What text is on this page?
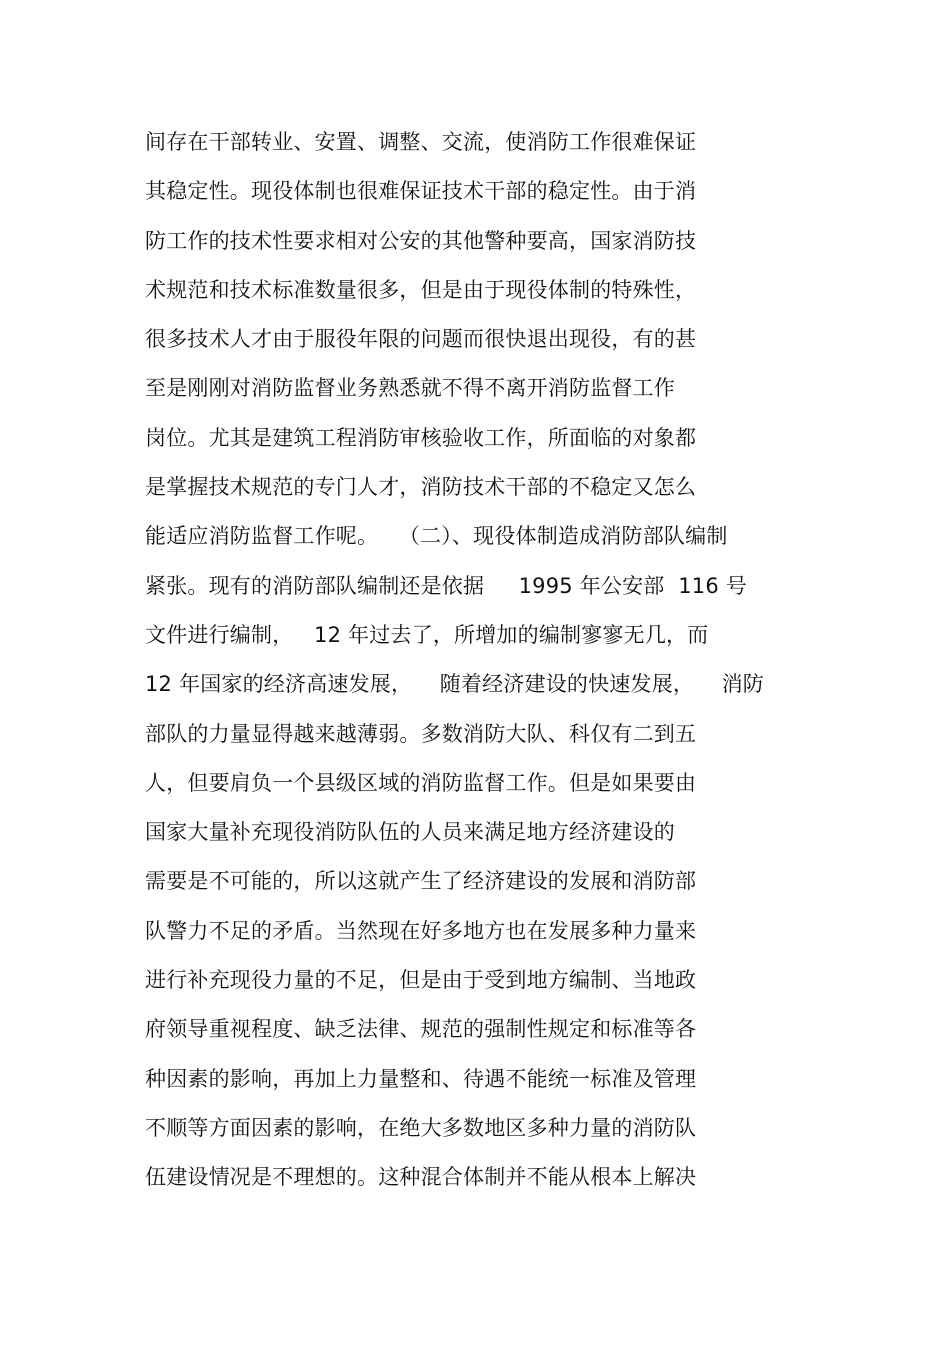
间存在干部转业、安置、调整、交流，使消防工作很难保证
其稳定性。现役体制也很难保证技术干部的稳定性。由于消
防工作的技术性要求相对公安的其他警种要高，国家消防技
术规范和技术标准数量很多，但是由于现役体制的特殊性，
很多技术人才由于服役年限的问题而很快退出现役，有的甚
至是刚刚对消防监督业务熟悉就不得不离开消防监督工作
岗位。尤其是建筑工程消防审核验收工作，所面临的对象都
是掌握技术规范的专门人才，消防技术干部的不稳定又怎么
能适应消防监督工作呢。   （二）、现役体制造成消防部队编制
紧张。现有的消防部队编制还是依据     1995 年公安部  116 号
文件进行编制，   12 年过去了，所增加的编制寥寥无几，而
12 年国家的经济高速发展，    随着经济建设的快速发展，    消防
部队的力量显得越来越薄弱。多数消防大队、科仅有二到五
人，但要肩负一个县级区域的消防监督工作。但是如果要由
国家大量补充现役消防队伍的人员来满足地方经济建设的
需要是不可能的，所以这就产生了经济建设的发展和消防部
队警力不足的矛盾。当然现在好多地方也在发展多种力量来
进行补充现役力量的不足，但是由于受到地方编制、当地政
府领导重视程度、缺乏法律、规范的强制性规定和标准等各
种因素的影响，再加上力量整和、待遇不能统一标准及管理
不顺等方面因素的影响，在绝大多数地区多种力量的消防队
伍建设情况是不理想的。这种混合体制并不能从根本上解决
